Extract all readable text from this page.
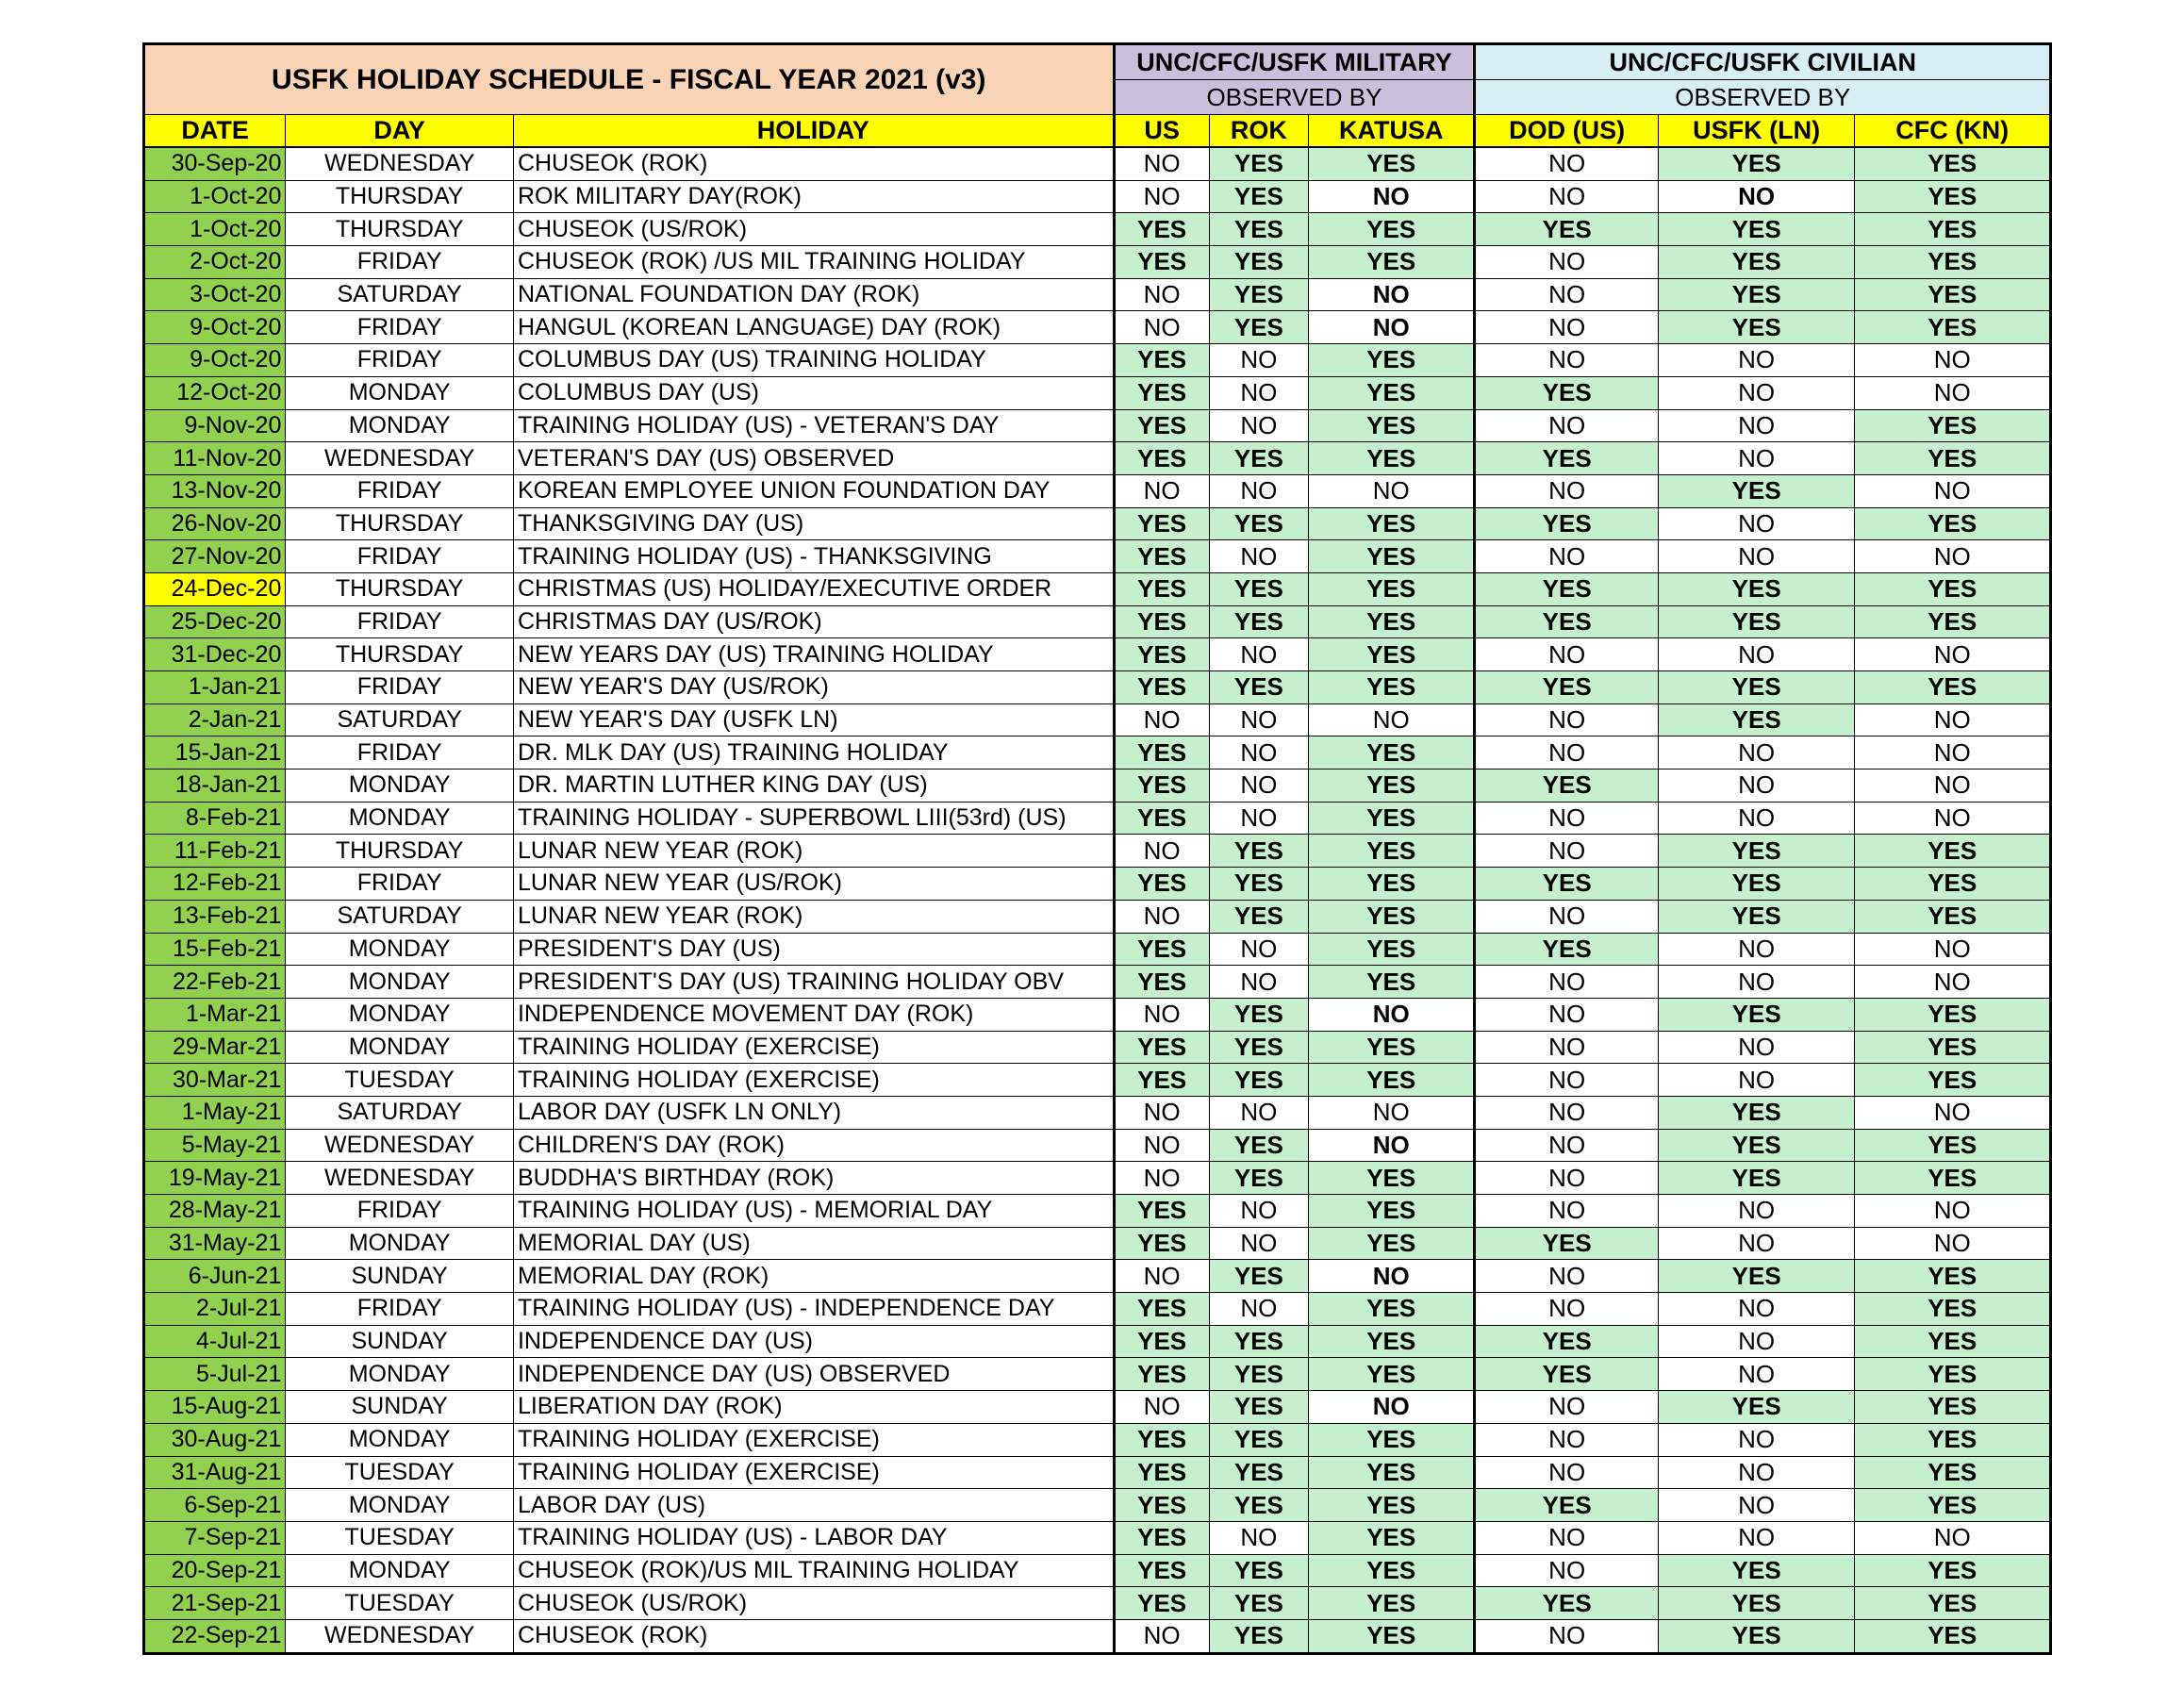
USFK HOLIDAY SCHEDULE - FISCAL YEAR 2021 (v3)			UNC/CFC/USFK MILITARY			UNC/CFC/USFK CIVILIAN		
			OBSERVED BY			OBSERVED BY		
DATE	DAY	HOLIDAY	US	ROK	KATUSA	DOD (US)	USFK (LN)	CFC (KN)
30-Sep-20	WEDNESDAY	CHUSEOK (ROK)	NO	YES	YES	NO	YES	YES
1-Oct-20	THURSDAY	ROK MILITARY DAY(ROK)	NO	YES	NO	NO	NO	YES
1-Oct-20	THURSDAY	CHUSEOK (US/ROK)	YES	YES	YES	YES	YES	YES
2-Oct-20	FRIDAY	CHUSEOK (ROK) /US MIL TRAINING HOLIDAY	YES	YES	YES	NO	YES	YES
3-Oct-20	SATURDAY	NATIONAL FOUNDATION DAY (ROK)	NO	YES	NO	NO	YES	YES
9-Oct-20	FRIDAY	HANGUL (KOREAN LANGUAGE) DAY (ROK)	NO	YES	NO	NO	YES	YES
9-Oct-20	FRIDAY	COLUMBUS DAY (US) TRAINING HOLIDAY	YES	NO	YES	NO	NO	NO
12-Oct-20	MONDAY	COLUMBUS DAY (US)	YES	NO	YES	YES	NO	NO
9-Nov-20	MONDAY	TRAINING HOLIDAY (US) - VETERAN'S DAY	YES	NO	YES	NO	NO	YES
11-Nov-20	WEDNESDAY	VETERAN'S DAY (US) OBSERVED	YES	YES	YES	YES	NO	YES
13-Nov-20	FRIDAY	KOREAN EMPLOYEE UNION FOUNDATION DAY	NO	NO	NO	NO	YES	NO
26-Nov-20	THURSDAY	THANKSGIVING DAY (US)	YES	YES	YES	YES	NO	YES
27-Nov-20	FRIDAY	TRAINING HOLIDAY (US) - THANKSGIVING	YES	NO	YES	NO	NO	NO
24-Dec-20	THURSDAY	CHRISTMAS (US) HOLIDAY/EXECUTIVE ORDER	YES	YES	YES	YES	YES	YES
25-Dec-20	FRIDAY	CHRISTMAS DAY (US/ROK)	YES	YES	YES	YES	YES	YES
31-Dec-20	THURSDAY	NEW YEARS DAY (US) TRAINING HOLIDAY	YES	NO	YES	NO	NO	NO
1-Jan-21	FRIDAY	NEW YEAR'S DAY (US/ROK)	YES	YES	YES	YES	YES	YES
2-Jan-21	SATURDAY	NEW YEAR'S DAY (USFK LN)	NO	NO	NO	NO	YES	NO
15-Jan-21	FRIDAY	DR. MLK DAY (US) TRAINING HOLIDAY	YES	NO	YES	NO	NO	NO
18-Jan-21	MONDAY	DR. MARTIN LUTHER KING DAY (US)	YES	NO	YES	YES	NO	NO
8-Feb-21	MONDAY	TRAINING HOLIDAY - SUPERBOWL LIII(53rd) (US)	YES	NO	YES	NO	NO	NO
11-Feb-21	THURSDAY	LUNAR NEW YEAR (ROK)	NO	YES	YES	NO	YES	YES
12-Feb-21	FRIDAY	LUNAR NEW YEAR (US/ROK)	YES	YES	YES	YES	YES	YES
13-Feb-21	SATURDAY	LUNAR NEW YEAR (ROK)	NO	YES	YES	NO	YES	YES
15-Feb-21	MONDAY	PRESIDENT'S DAY (US)	YES	NO	YES	YES	NO	NO
22-Feb-21	MONDAY	PRESIDENT'S DAY (US) TRAINING HOLIDAY OBV	YES	NO	YES	NO	NO	NO
1-Mar-21	MONDAY	INDEPENDENCE MOVEMENT DAY (ROK)	NO	YES	NO	NO	YES	YES
29-Mar-21	MONDAY	TRAINING HOLIDAY (EXERCISE)	YES	YES	YES	NO	NO	YES
30-Mar-21	TUESDAY	TRAINING HOLIDAY (EXERCISE)	YES	YES	YES	NO	NO	YES
1-May-21	SATURDAY	LABOR DAY (USFK LN ONLY)	NO	NO	NO	NO	YES	NO
5-May-21	WEDNESDAY	CHILDREN'S DAY (ROK)	NO	YES	NO	NO	YES	YES
19-May-21	WEDNESDAY	BUDDHA'S BIRTHDAY (ROK)	NO	YES	YES	NO	YES	YES
28-May-21	FRIDAY	TRAINING HOLIDAY (US) - MEMORIAL DAY	YES	NO	YES	NO	NO	NO
31-May-21	MONDAY	MEMORIAL DAY (US)	YES	NO	YES	YES	NO	NO
6-Jun-21	SUNDAY	MEMORIAL DAY (ROK)	NO	YES	NO	NO	YES	YES
2-Jul-21	FRIDAY	TRAINING HOLIDAY (US) - INDEPENDENCE DAY	YES	NO	YES	NO	NO	YES
4-Jul-21	SUNDAY	INDEPENDENCE DAY (US)	YES	YES	YES	YES	NO	YES
5-Jul-21	MONDAY	INDEPENDENCE DAY (US) OBSERVED	YES	YES	YES	YES	NO	YES
15-Aug-21	SUNDAY	LIBERATION DAY (ROK)	NO	YES	NO	NO	YES	YES
30-Aug-21	MONDAY	TRAINING HOLIDAY (EXERCISE)	YES	YES	YES	NO	NO	YES
31-Aug-21	TUESDAY	TRAINING HOLIDAY (EXERCISE)	YES	YES	YES	NO	NO	YES
6-Sep-21	MONDAY	LABOR DAY (US)	YES	YES	YES	YES	NO	YES
7-Sep-21	TUESDAY	TRAINING HOLIDAY (US) - LABOR DAY	YES	NO	YES	NO	NO	NO
20-Sep-21	MONDAY	CHUSEOK (ROK)/US MIL TRAINING HOLIDAY	YES	YES	YES	NO	YES	YES
21-Sep-21	TUESDAY	CHUSEOK (US/ROK)	YES	YES	YES	YES	YES	YES
22-Sep-21	WEDNESDAY	CHUSEOK (ROK)	NO	YES	YES	NO	YES	YES
